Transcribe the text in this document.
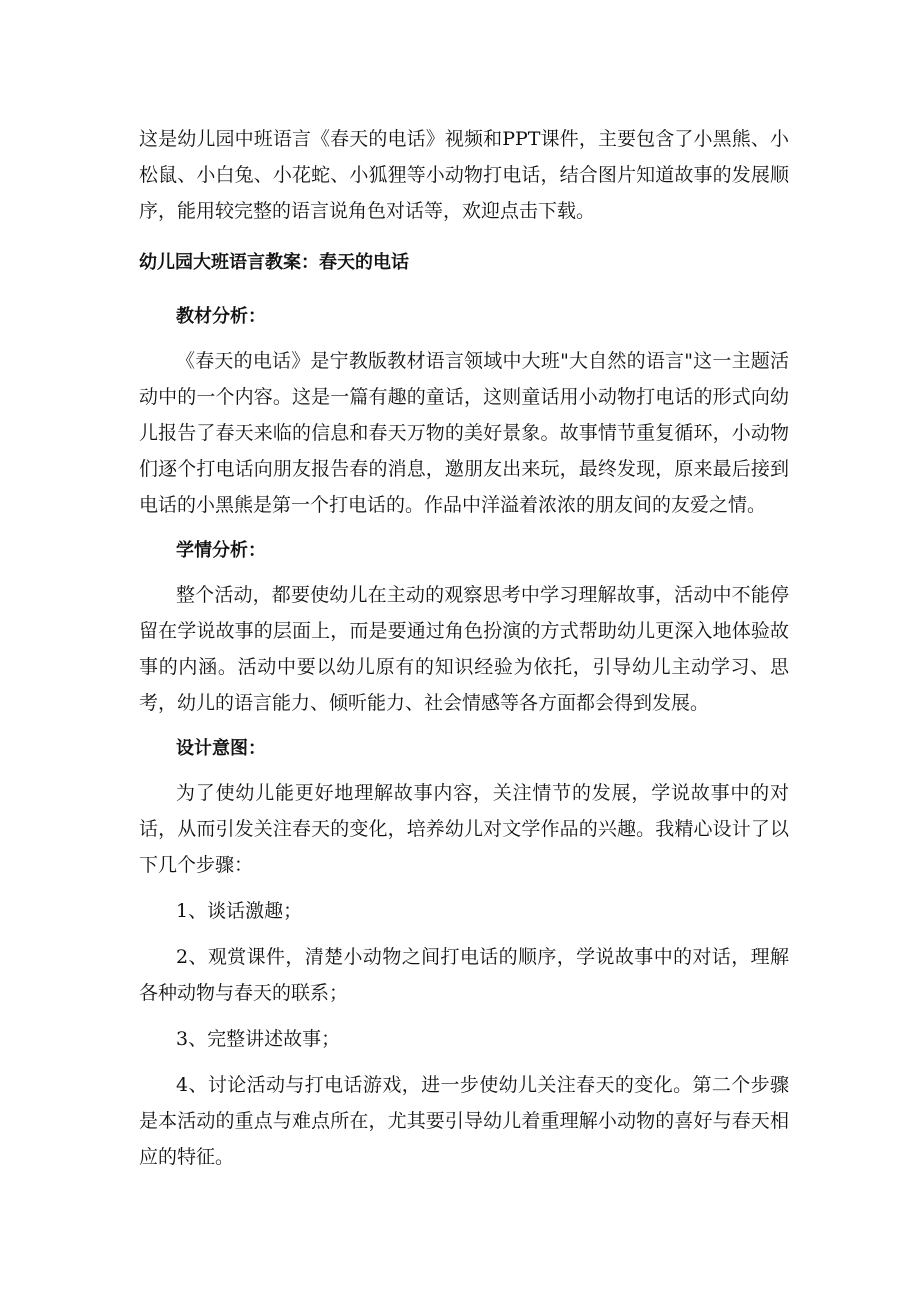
这是幼儿园中班语言《春天的电话》视频和PPT课件，主要包含了小黑熊、小松鼠、小白兔、小花蛇、小狐狸等小动物打电话，结合图片知道故事的发展顺序，能用较完整的语言说角色对话等，欢迎点击下载。

幼儿园大班语言教案：春天的电话

教材分析：

《春天的电话》是宁教版教材语言领域中大班"大自然的语言"这一主题活动中的一个内容。这是一篇有趣的童话，这则童话用小动物打电话的形式向幼儿报告了春天来临的信息和春天万物的美好景象。故事情节重复循环，小动物们逐个打电话向朋友报告春的消息，邀朋友出来玩，最终发现，原来最后接到电话的小黑熊是第一个打电话的。作品中洋溢着浓浓的朋友间的友爱之情。

学情分析：

整个活动，都要使幼儿在主动的观察思考中学习理解故事，活动中不能停留在学说故事的层面上，而是要通过角色扮演的方式帮助幼儿更深入地体验故事的内涵。活动中要以幼儿原有的知识经验为依托，引导幼儿主动学习、思考，幼儿的语言能力、倾听能力、社会情感等各方面都会得到发展。

设计意图：

为了使幼儿能更好地理解故事内容，关注情节的发展，学说故事中的对话，从而引发关注春天的变化，培养幼儿对文学作品的兴趣。我精心设计了以下几个步骤：

1、谈话激趣；

2、观赏课件，清楚小动物之间打电话的顺序，学说故事中的对话，理解各种动物与春天的联系；

3、完整讲述故事；

4、讨论活动与打电话游戏，进一步使幼儿关注春天的变化。第二个步骤是本活动的重点与难点所在，尤其要引导幼儿着重理解小动物的喜好与春天相应的特征。
